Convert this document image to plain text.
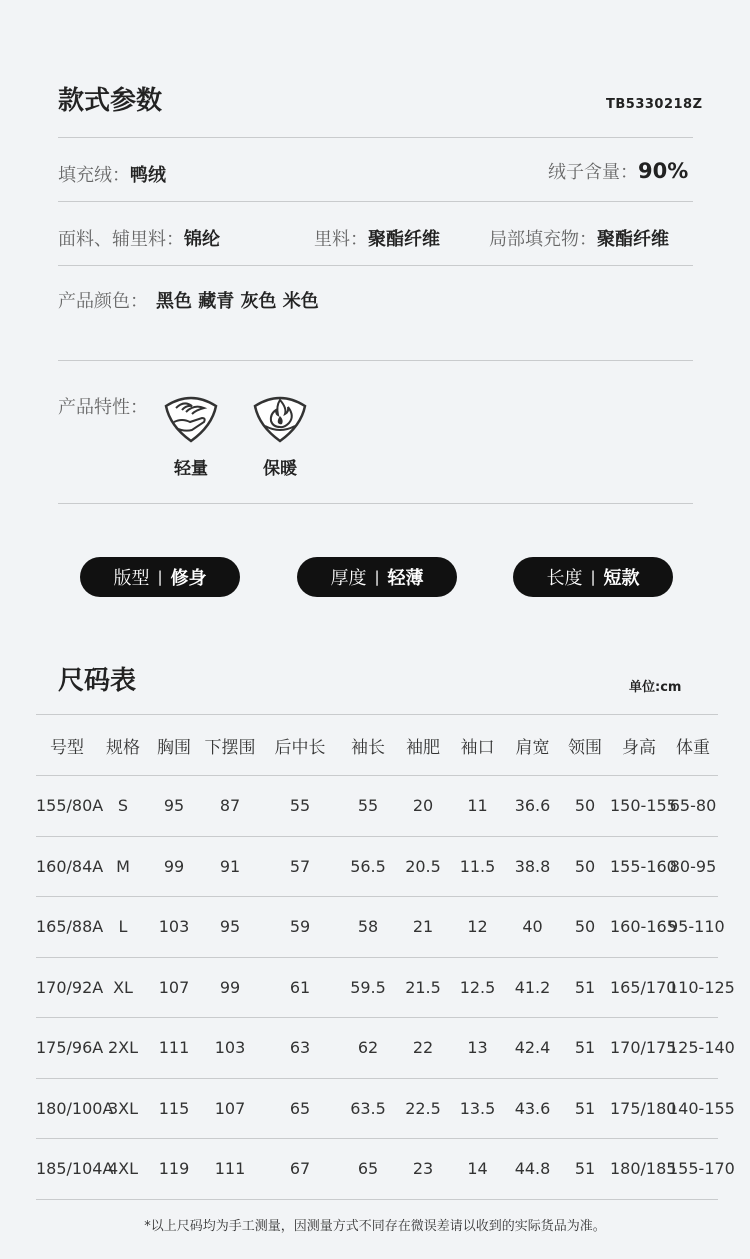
款式参数	TB5330218Z
填充绒：鸭绒	绒子含量：90%
面料、辅里料：锦纶	里料：聚酯纤维	局部填充物：聚酯纤维
产品颜色： 黑色 藏青 灰色 米色
产品特性：
轻量	保暖
版型 | 修身	厚度 | 轻薄	长度 | 短款
尺码表	单位:cm
号型	规格	胸围	下摆围	后中长	袖长	袖肥	袖口	肩宽	领围	身高	体重
155/80A	S	95	87	55	55	20	11	36.6	50	150-155	65-80
160/84A	M	99	91	57	56.5	20.5	11.5	38.8	50	155-160	80-95
165/88A	L	103	95	59	58	21	12	40	50	160-165	95-110
170/92A	XL	107	99	61	59.5	21.5	12.5	41.2	51	165/170	110-125
175/96A	2XL	111	103	63	62	22	13	42.4	51	170/175	125-140
180/100A	3XL	115	107	65	63.5	22.5	13.5	43.6	51	175/180	140-155
185/104A	4XL	119	111	67	65	23	14	44.8	51	180/185	155-170
*以上尺码均为手工测量，因测量方式不同存在微误差请以收到的实际货品为准。
